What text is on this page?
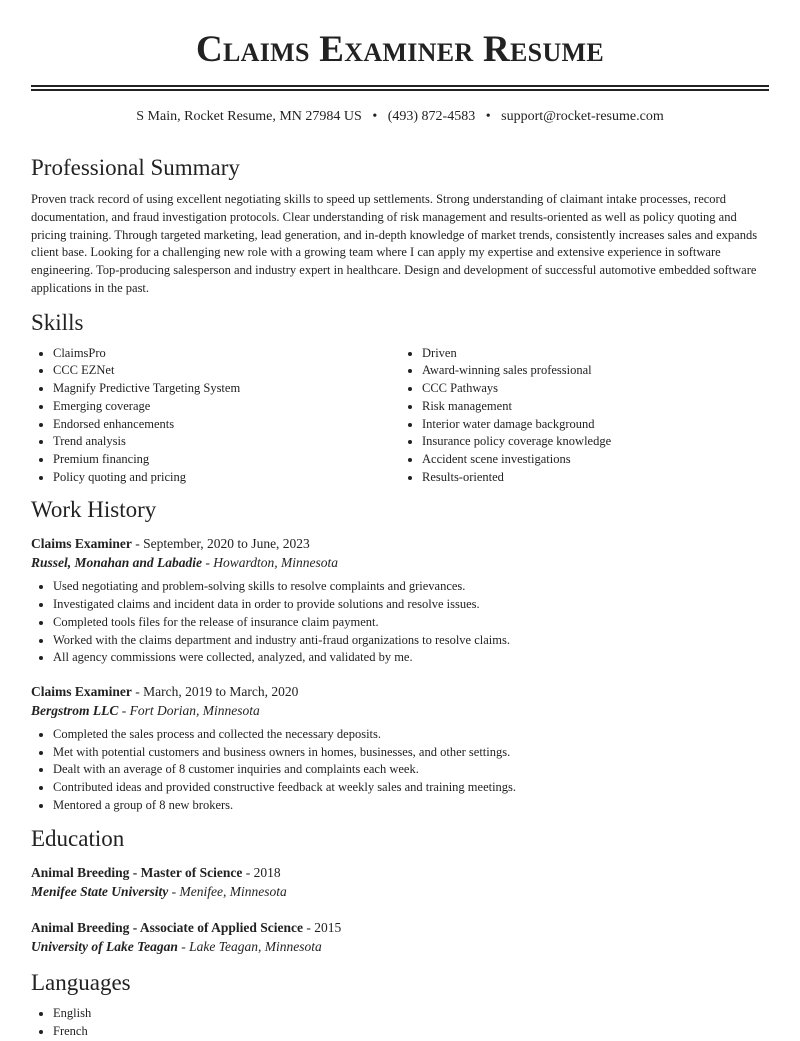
Claims Examiner Resume
S Main, Rocket Resume, MN 27984 US • (493) 872-4583 • support@rocket-resume.com
Professional Summary

Proven track record of using excellent negotiating skills to speed up settlements. Strong understanding of claimant intake processes, record documentation, and fraud investigation protocols. Clear understanding of risk management and results-oriented as well as policy quoting and pricing training. Through targeted marketing, lead generation, and in-depth knowledge of market trends, consistently increases sales and expands client base. Looking for a challenging new role with a growing team where I can apply my expertise and extensive experience in software engineering. Top-producing salesperson and industry expert in healthcare. Design and development of successful automotive embedded software applications in the past.

Skills
• ClaimsPro
• CCC EZNet
• Magnify Predictive Targeting System
• Emerging coverage
• Endorsed enhancements
• Trend analysis
• Premium financing
• Policy quoting and pricing
• Driven
• Award-winning sales professional
• CCC Pathways
• Risk management
• Interior water damage background
• Insurance policy coverage knowledge
• Accident scene investigations
• Results-oriented
Work History
Claims Examiner - September, 2020 to June, 2023
Russel, Monahan and Labadie - Howardton, Minnesota
• Used negotiating and problem-solving skills to resolve complaints and grievances.
• Investigated claims and incident data in order to provide solutions and resolve issues.
• Completed tools files for the release of insurance claim payment.
• Worked with the claims department and industry anti-fraud organizations to resolve claims.
• All agency commissions were collected, analyzed, and validated by me.
Claims Examiner - March, 2019 to March, 2020
Bergstrom LLC - Fort Dorian, Minnesota
• Completed the sales process and collected the necessary deposits.
• Met with potential customers and business owners in homes, businesses, and other settings.
• Dealt with an average of 8 customer inquiries and complaints each week.
• Contributed ideas and provided constructive feedback at weekly sales and training meetings.
• Mentored a group of 8 new brokers.
Education
Animal Breeding - Master of Science - 2018
Menifee State University - Menifee, Minnesota
Animal Breeding - Associate of Applied Science - 2015
University of Lake Teagan - Lake Teagan, Minnesota
Languages
• English
• French
